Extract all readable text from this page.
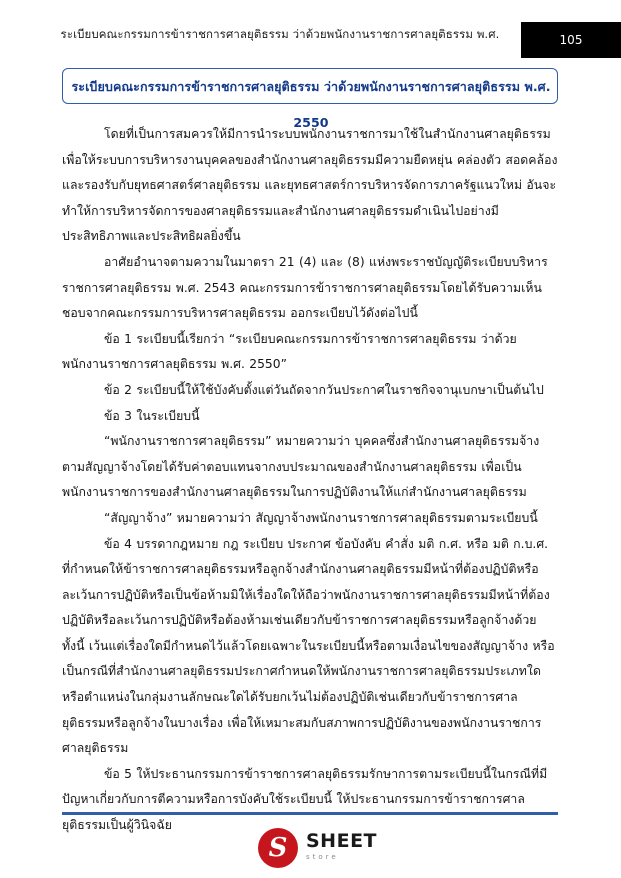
ระเบียบคณะกรรมการข้าราชการศาลยุติธรรม ว่าด้วยพนักงานราชการศาลยุติธรรม พ.ศ.	105
ระเบียบคณะกรรมการข้าราชการศาลยุติธรรม ว่าด้วยพนักงานราชการศาลยุติธรรม พ.ศ. 2550

โดยที่เป็นการสมควรให้มีการนำระบบพนักงานราชการมาใช้ในสำนักงานศาลยุติธรรมเพื่อให้ระบบการบริหารงานบุคคลของสำนักงานศาลยุติธรรมมีความยืดหยุ่น คล่องตัว สอดคล้องและรองรับกับยุทธศาสตร์ศาลยุติธรรม และยุทธศาสตร์การบริหารจัดการภาครัฐแนวใหม่ อันจะทำให้การบริหารจัดการของศาลยุติธรรมและสำนักงานศาลยุติธรรมดำเนินไปอย่างมีประสิทธิภาพและประสิทธิผลยิ่งขึ้น

อาศัยอำนาจตามความในมาตรา 21 (4) และ (8) แห่งพระราชบัญญัติระเบียบบริหารราชการศาลยุติธรรม พ.ศ. 2543 คณะกรรมการข้าราชการศาลยุติธรรมโดยได้รับความเห็นชอบจากคณะกรรมการบริหารศาลยุติธรรม ออกระเบียบไว้ดังต่อไปนี้

ข้อ 1 ระเบียบนี้เรียกว่า “ระเบียบคณะกรรมการข้าราชการศาลยุติธรรม ว่าด้วยพนักงานราชการศาลยุติธรรม พ.ศ. 2550”

ข้อ 2 ระเบียบนี้ให้ใช้บังคับตั้งแต่วันถัดจากวันประกาศในราชกิจจานุเบกษาเป็นต้นไป

ข้อ 3 ในระเบียบนี้

“พนักงานราชการศาลยุติธรรม” หมายความว่า บุคคลซึ่งสำนักงานศาลยุติธรรมจ้างตามสัญญาจ้างโดยได้รับค่าตอบแทนจากงบประมาณของสำนักงานศาลยุติธรรม เพื่อเป็นพนักงานราชการของสำนักงานศาลยุติธรรมในการปฏิบัติงานให้แก่สำนักงานศาลยุติธรรม

“สัญญาจ้าง” หมายความว่า สัญญาจ้างพนักงานราชการศาลยุติธรรมตามระเบียบนี้

ข้อ 4 บรรดากฎหมาย กฎ ระเบียบ ประกาศ ข้อบังคับ คำสั่ง มติ ก.ศ. หรือ มติ ก.บ.ศ. ที่กำหนดให้ข้าราชการศาลยุติธรรมหรือลูกจ้างสำนักงานศาลยุติธรรมมีหน้าที่ต้องปฏิบัติหรือละเว้นการปฏิบัติหรือเป็นข้อห้ามมิให้เรื่องใดให้ถือว่าพนักงานราชการศาลยุติธรรมมีหน้าที่ต้องปฏิบัติหรือละเว้นการปฏิบัติหรือต้องห้ามเช่นเดียวกับข้าราชการศาลยุติธรรมหรือลูกจ้างด้วย ทั้งนี้ เว้นแต่เรื่องใดมีกำหนดไว้แล้วโดยเฉพาะในระเบียบนี้หรือตามเงื่อนไขของสัญญาจ้าง หรือเป็นกรณีที่สำนักงานศาลยุติธรรมประกาศกำหนดให้พนักงานราชการศาลยุติธรรมประเภทใด หรือตำแหน่งในกลุ่มงานลักษณะใดได้รับยกเว้นไม่ต้องปฏิบัติเช่นเดียวกับข้าราชการศาลยุติธรรมหรือลูกจ้างในบางเรื่อง เพื่อให้เหมาะสมกับสภาพการปฏิบัติงานของพนักงานราชการศาลยุติธรรม

ข้อ 5 ให้ประธานกรรมการข้าราชการศาลยุติธรรมรักษาการตามระเบียบนี้ในกรณีที่มีปัญหาเกี่ยวกับการตีความหรือการบังคับใช้ระเบียบนี้ ให้ประธานกรรมการข้าราชการศาลยุติธรรมเป็นผู้วินิจฉัย

S SHEET
store
